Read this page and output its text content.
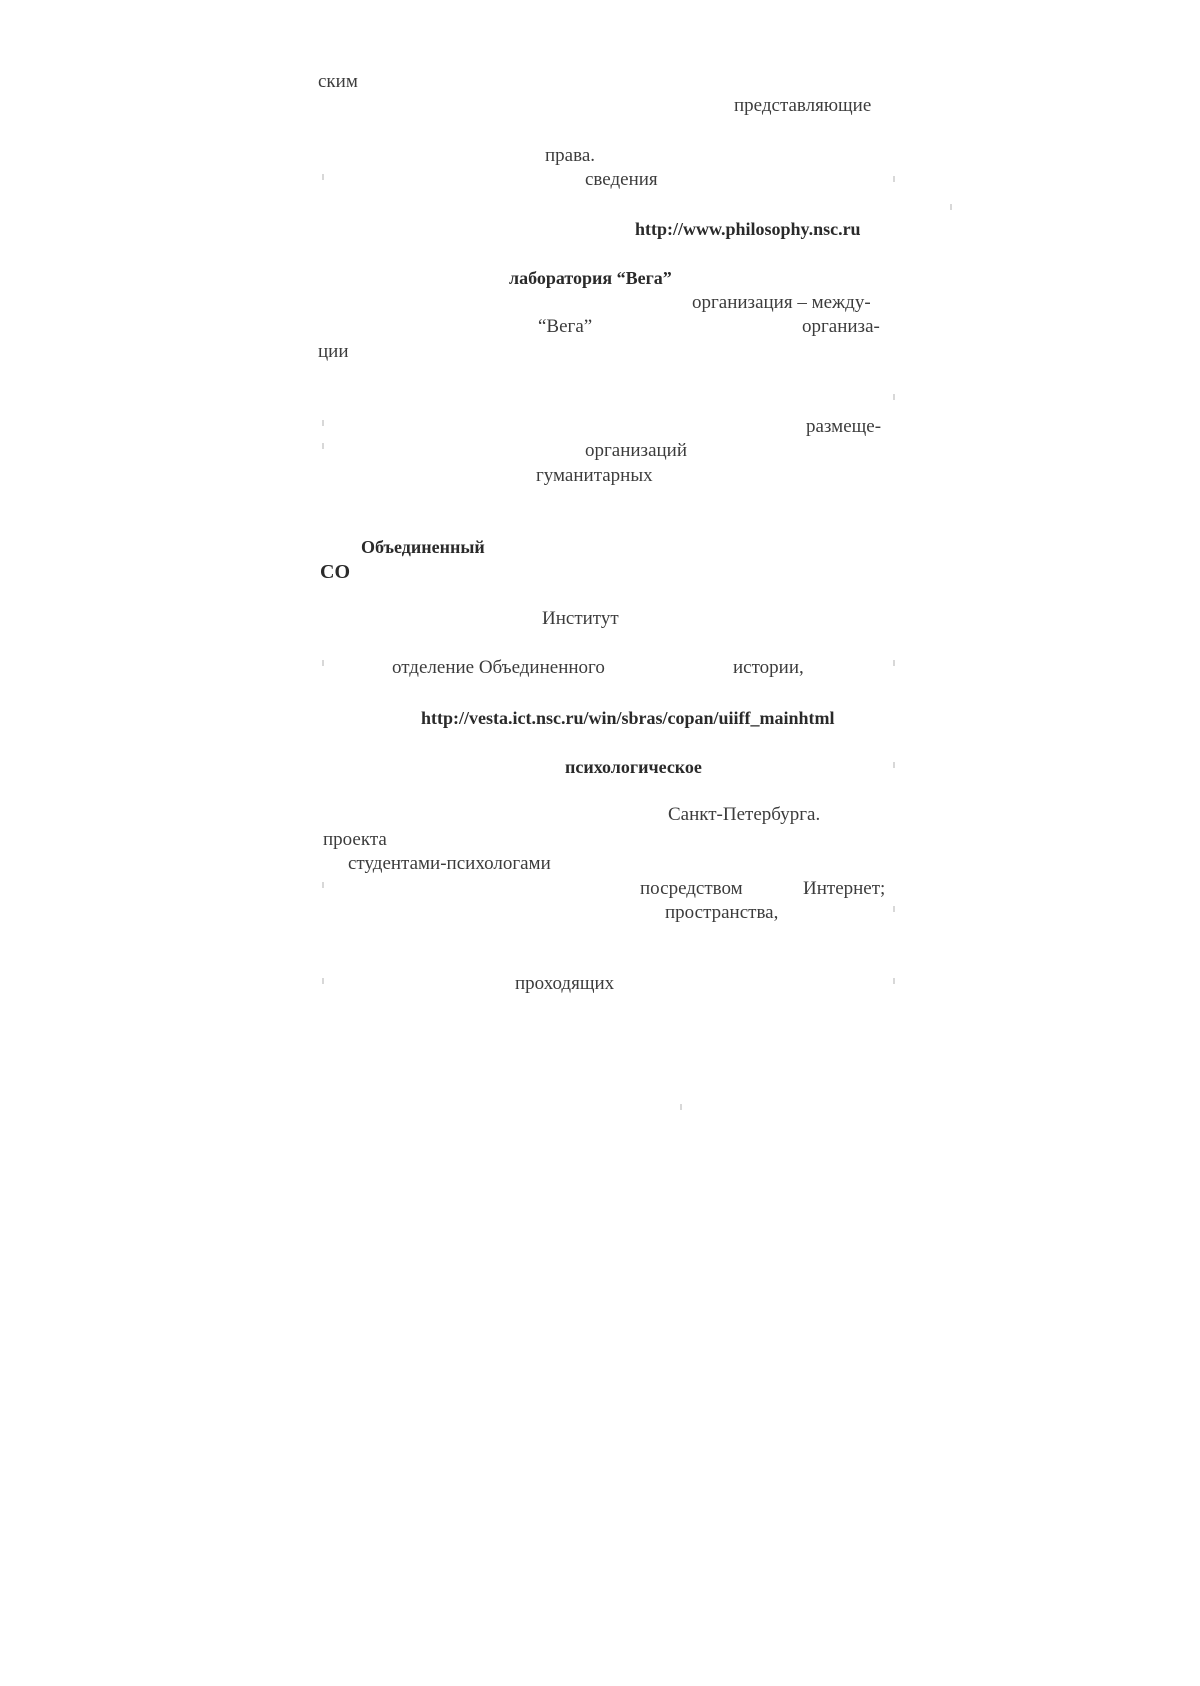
ским
представляющие
права.
сведения
http://www.philosophy.nsc.ru
лаборатория “Вега”
организация – между-
“Вега”	организа-
ции
размеще-
организаций
гуманитарных
Объединенный
СО
Институт
отделение Объединенного	истории,
http://vesta.ict.nsc.ru/win/sbras/copan/uiiff_mainhtml
психологическое
Санкт-Петербурга.
проекта
студентами-психологами
посредством	Интернет;
пространства,
проходящих
